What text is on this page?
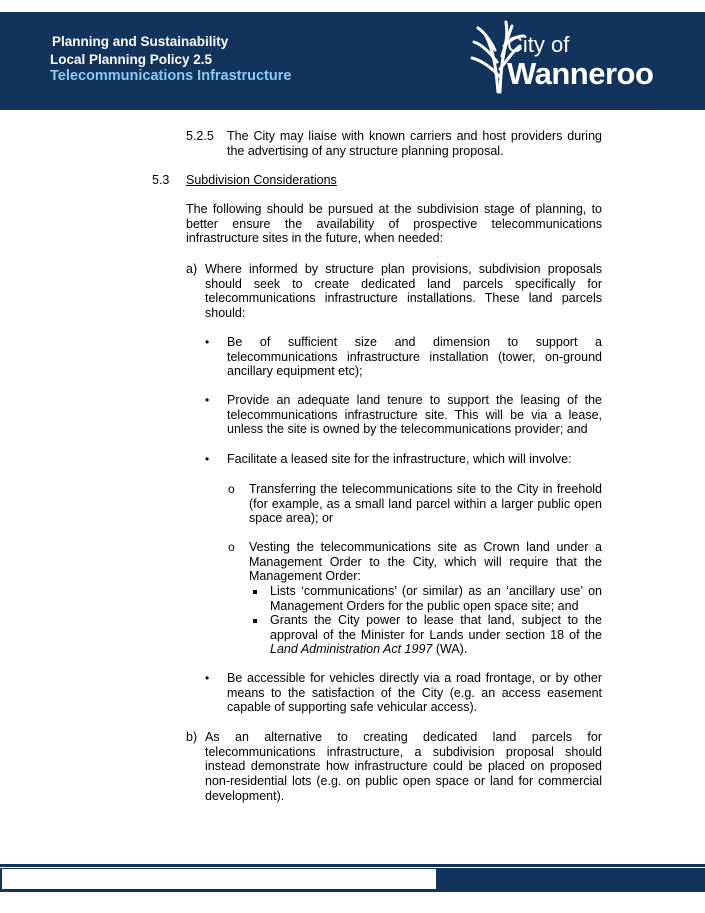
Planning and Sustainability
Local Planning Policy 2.5
Telecommunications Infrastructure
City of
Wanneroo
5.2.5 The City may liaise with known carriers and host providers during the advertising of any structure planning proposal.

5.3 Subdivision Considerations

The following should be pursued at the subdivision stage of planning, to better ensure the availability of prospective telecommunications infrastructure sites in the future, when needed:

a) Where informed by structure plan provisions, subdivision proposals should seek to create dedicated land parcels specifically for telecommunications infrastructure installations. These land parcels should:

• Be of sufficient size and dimension to support a telecommunications infrastructure installation (tower, on-ground ancillary equipment etc);

• Provide an adequate land tenure to support the leasing of the telecommunications infrastructure site. This will be via a lease, unless the site is owned by the telecommunications provider; and

• Facilitate a leased site for the infrastructure, which will involve:

o Transferring the telecommunications site to the City in freehold (for example, as a small land parcel within a larger public open space area); or

o Vesting the telecommunications site as Crown land under a Management Order to the City, which will require that the Management Order:

Lists ‘communications’ (or similar) as an ‘ancillary use’ on Management Orders for the public open space site; and

Grants the City power to lease that land, subject to the approval of the Minister for Lands under section 18 of the Land Administration Act 1997 (WA).

• Be accessible for vehicles directly via a road frontage, or by other means to the satisfaction of the City (e.g. an access easement capable of supporting safe vehicular access).

b) As an alternative to creating dedicated land parcels for telecommunications infrastructure, a subdivision proposal should instead demonstrate how infrastructure could be placed on proposed non-residential lots (e.g. on public open space or land for commercial development).
